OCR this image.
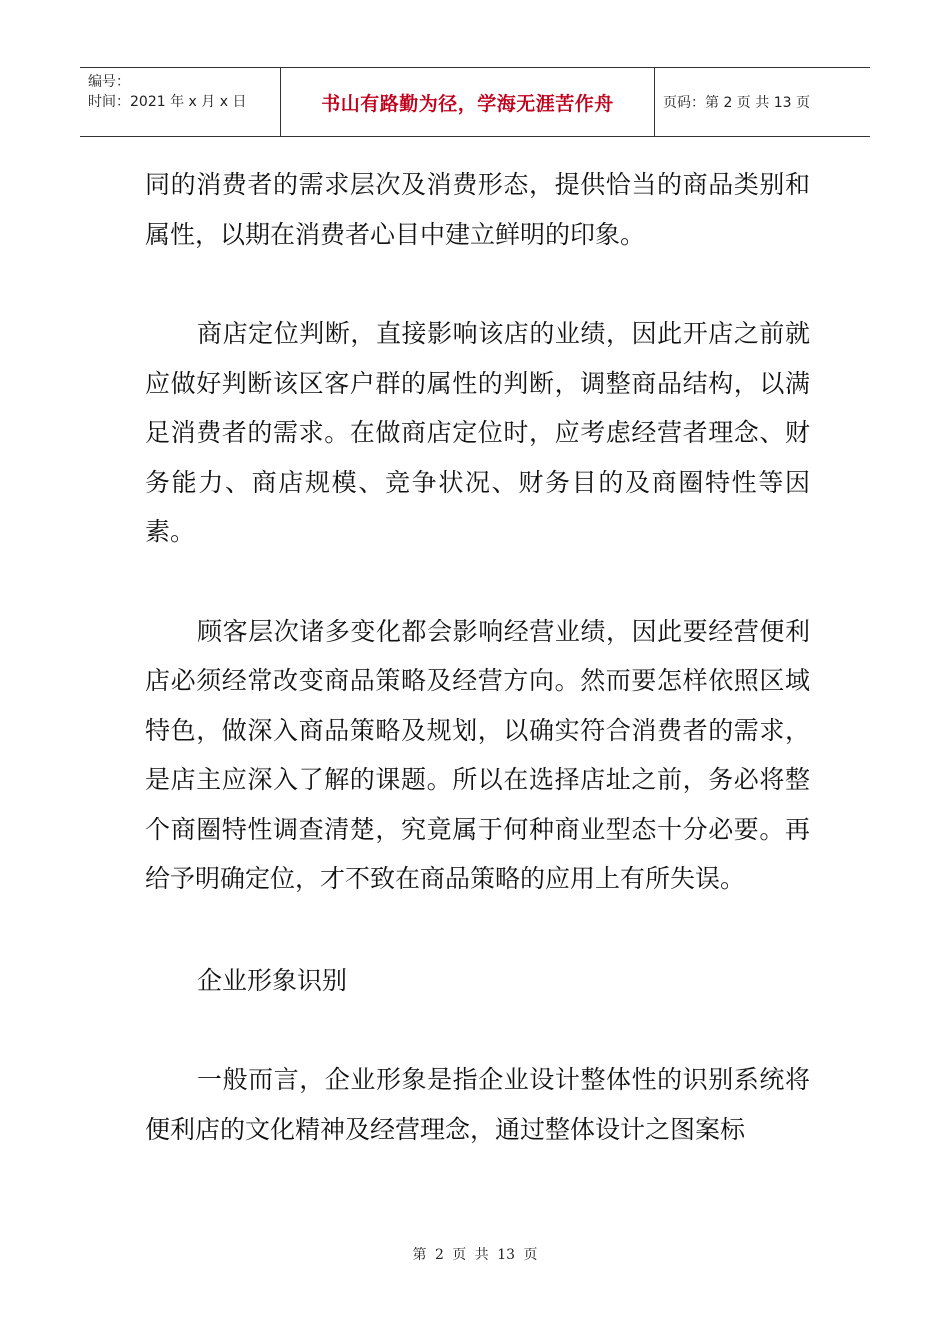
编号：
时间：2021 年 x 月 x 日	书山有路勤为径，学海无涯苦作舟	页码：第 2 页 共 13 页

同的消费者的需求层次及消费形态，提供恰当的商品类别和属性，以期在消费者心目中建立鲜明的印象。

商店定位判断，直接影响该店的业绩，因此开店之前就应做好判断该区客户群的属性的判断，调整商品结构，以满足消费者的需求。在做商店定位时，应考虑经营者理念、财务能力、商店规模、竞争状况、财务目的及商圈特性等因素。

顾客层次诸多变化都会影响经营业绩，因此要经营便利店必须经常改变商品策略及经营方向。然而要怎样依照区域特色，做深入商品策略及规划，以确实符合消费者的需求，是店主应深入了解的课题。所以在选择店址之前，务必将整个商圈特性调查清楚，究竟属于何种商业型态十分必要。再给予明确定位，才不致在商品策略的应用上有所失误。

企业形象识别

一般而言，企业形象是指企业设计整体性的识别系统将便利店的文化精神及经营理念，通过整体设计之图案标

第 2 页 共 13 页
